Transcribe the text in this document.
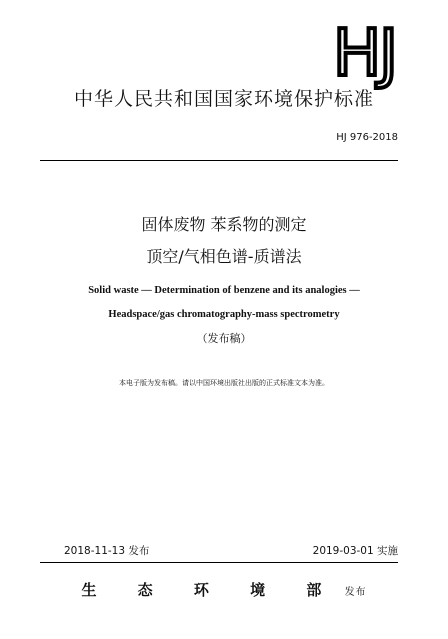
HJ
中华人民共和国国家环境保护标准
HJ 976-2018
固体废物 苯系物的测定
顶空/气相色谱-质谱法
Solid waste — Determination of benzene and its analogies —
Headspace/gas chromatography-mass spectrometry
（发布稿）
本电子版为发布稿。请以中国环境出版社出版的正式标准文本为准。
2018-11-13 发布	2019-03-01 实施
生 态 环 境 部 发布
